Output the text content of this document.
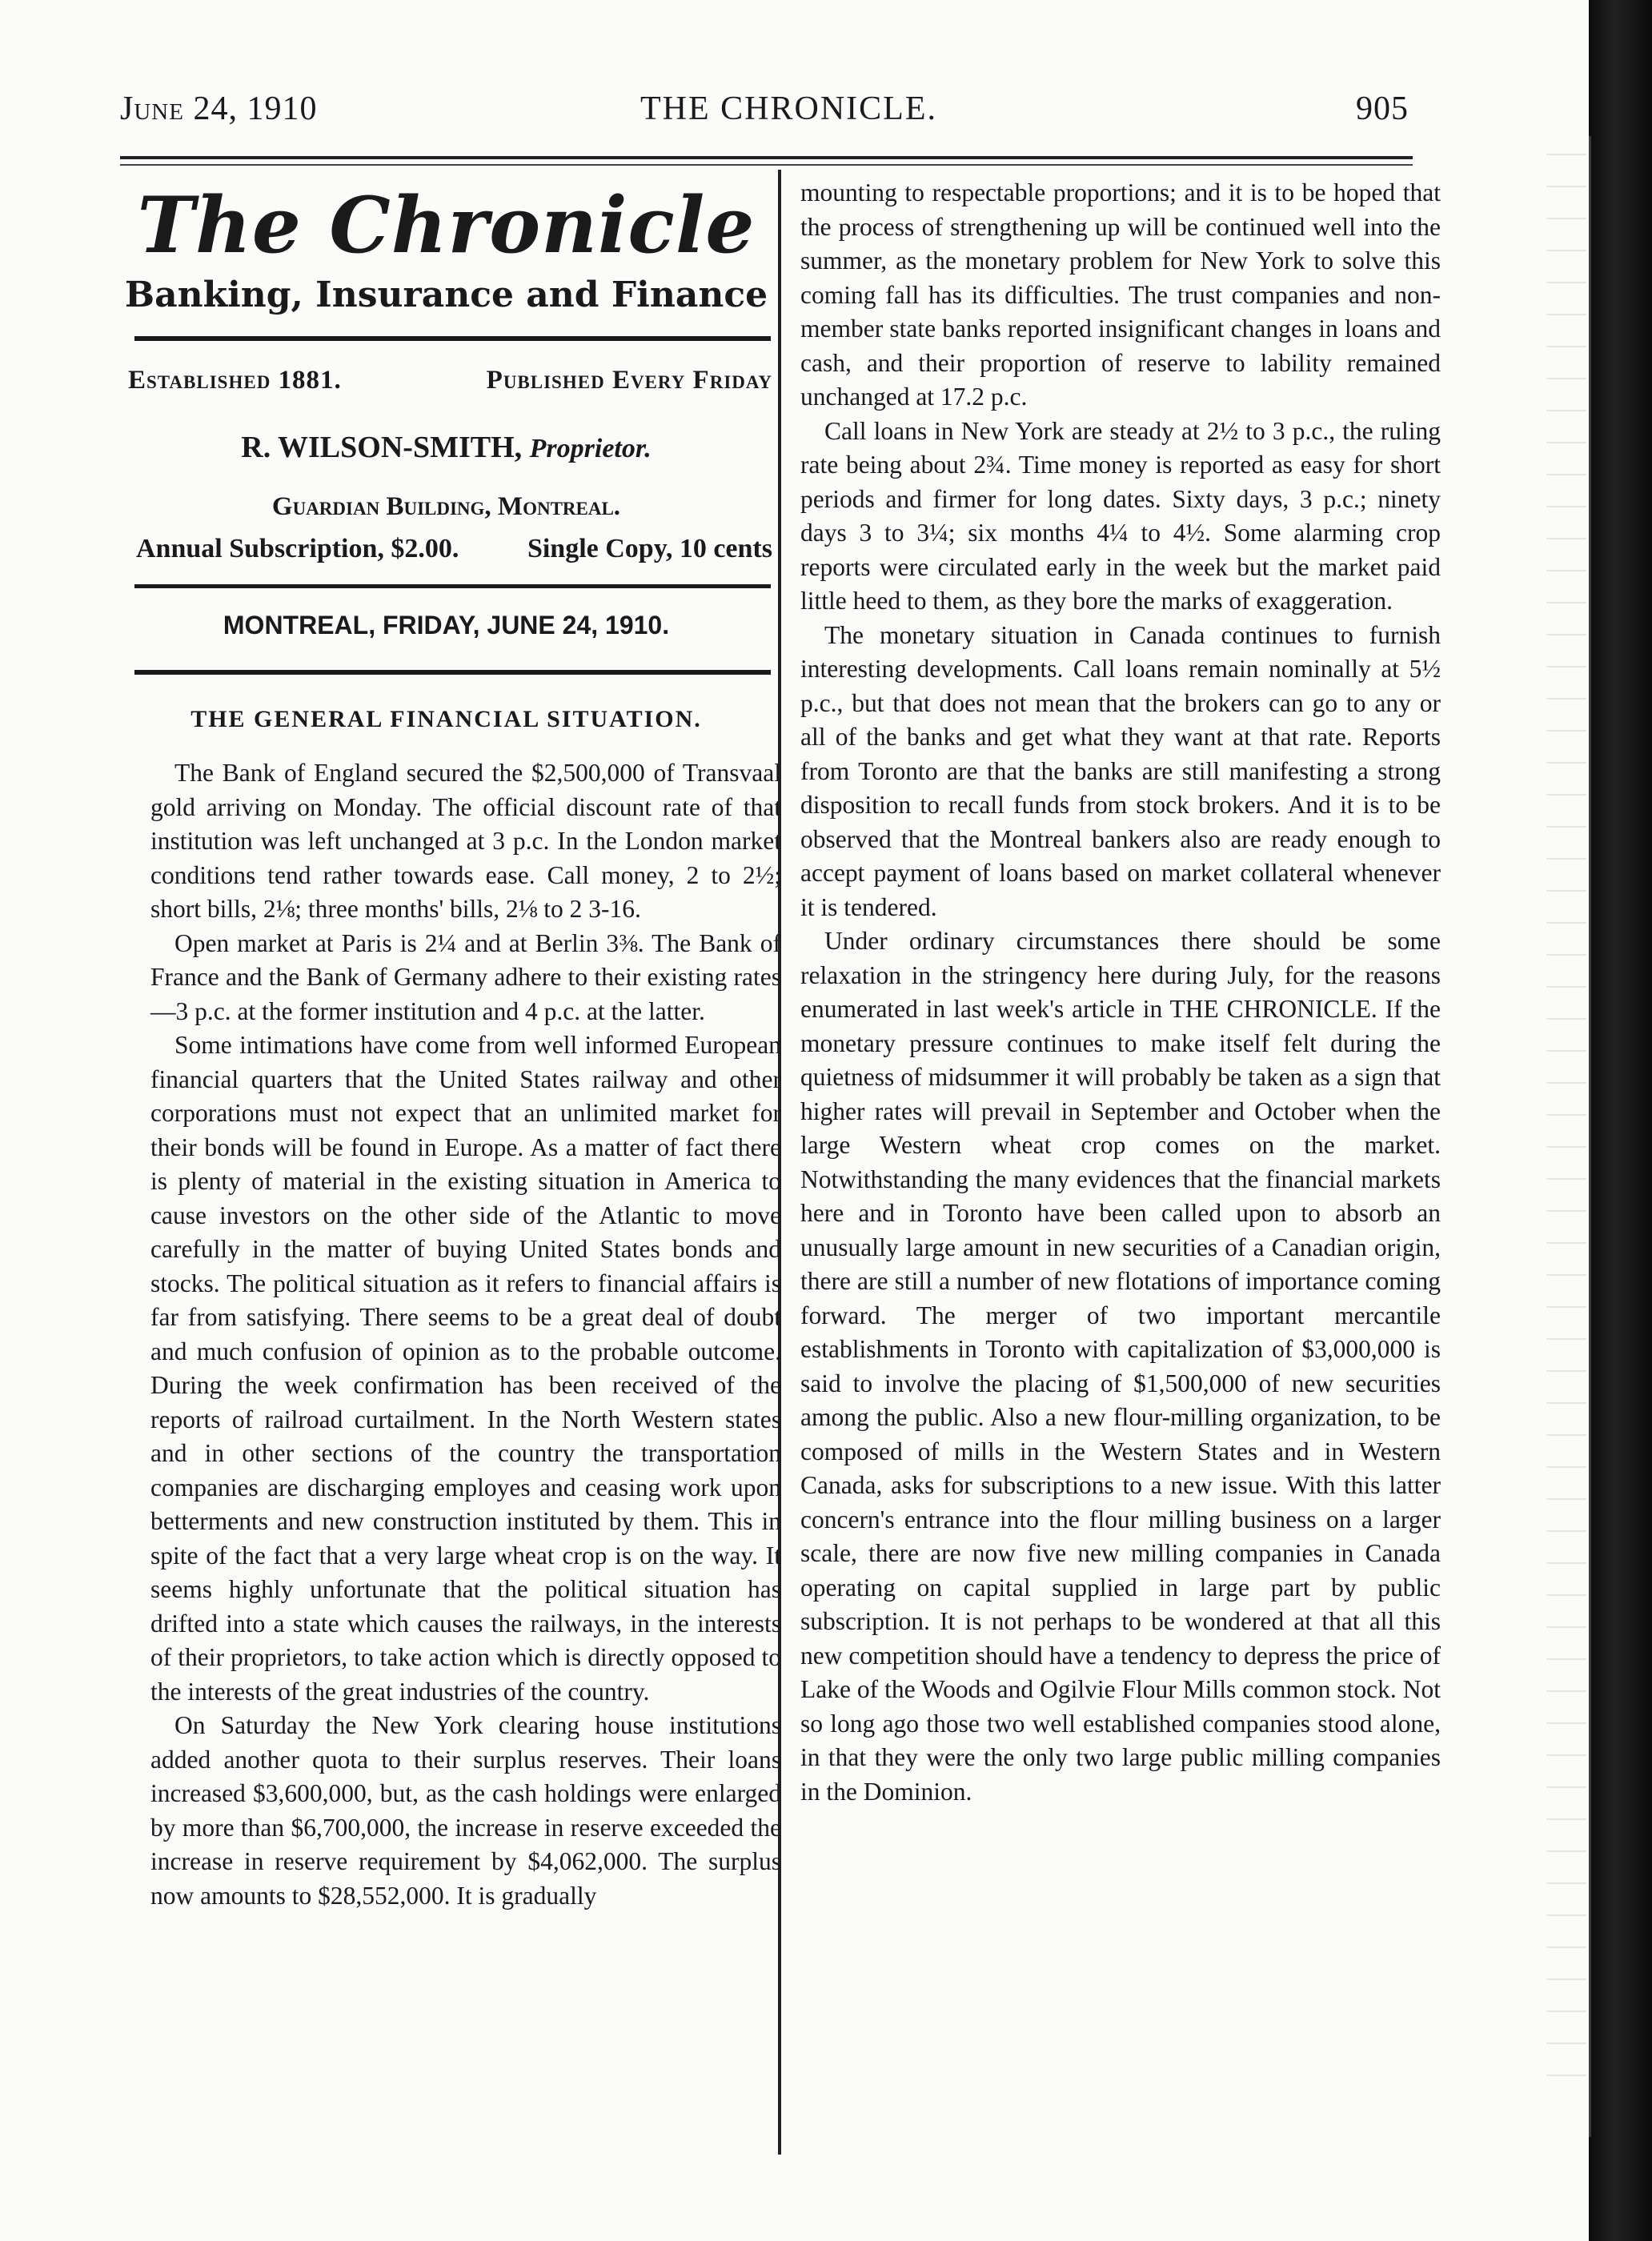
June 24, 1910	THE CHRONICLE.	905
The Chronicle
Banking, Insurance and Finance
Established 1881.	Published Every Friday
R. WILSON-SMITH, Proprietor.
Guardian Building, Montreal.
Annual Subscription, $2.00.	Single Copy, 10 cents
MONTREAL, FRIDAY, JUNE 24, 1910.
THE GENERAL FINANCIAL SITUATION.

The Bank of England secured the $2,500,000 of Transvaal gold arriving on Monday. The official discount rate of that institution was left unchanged at 3 p.c. In the London market conditions tend rather towards ease. Call money, 2 to 2½; short bills, 2⅛; three months' bills, 2⅛ to 2 3-16.

Open market at Paris is 2¼ and at Berlin 3⅜. The Bank of France and the Bank of Germany adhere to their existing rates—3 p.c. at the former institution and 4 p.c. at the latter.

Some intimations have come from well informed European financial quarters that the United States railway and other corporations must not expect that an unlimited market for their bonds will be found in Europe. As a matter of fact there is plenty of material in the existing situation in America to cause investors on the other side of the Atlantic to move carefully in the matter of buying United States bonds and stocks. The political situation as it refers to financial affairs is far from satisfying. There seems to be a great deal of doubt and much confusion of opinion as to the probable outcome. During the week confirmation has been received of the reports of railroad curtailment. In the North Western states and in other sections of the country the transportation companies are discharging employes and ceasing work upon betterments and new construction instituted by them. This in spite of the fact that a very large wheat crop is on the way. It seems highly unfortunate that the political situation has drifted into a state which causes the railways, in the interests of their proprietors, to take action which is directly opposed to the interests of the great industries of the country.

On Saturday the New York clearing house institutions added another quota to their surplus reserves. Their loans increased $3,600,000, but, as the cash holdings were enlarged by more than $6,700,000, the increase in reserve exceeded the increase in reserve requirement by $4,062,000. The surplus now amounts to $28,552,000. It is gradually

mounting to respectable proportions; and it is to be hoped that the process of strengthening up will be continued well into the summer, as the monetary problem for New York to solve this coming fall has its difficulties. The trust companies and non-member state banks reported insignificant changes in loans and cash, and their proportion of reserve to lability remained unchanged at 17.2 p.c.

Call loans in New York are steady at 2½ to 3 p.c., the ruling rate being about 2¾. Time money is reported as easy for short periods and firmer for long dates. Sixty days, 3 p.c.; ninety days 3 to 3¼; six months 4¼ to 4½. Some alarming crop reports were circulated early in the week but the market paid little heed to them, as they bore the marks of exaggeration.

The monetary situation in Canada continues to furnish interesting developments. Call loans remain nominally at 5½ p.c., but that does not mean that the brokers can go to any or all of the banks and get what they want at that rate. Reports from Toronto are that the banks are still manifesting a strong disposition to recall funds from stock brokers. And it is to be observed that the Montreal bankers also are ready enough to accept payment of loans based on market collateral whenever it is tendered.

Under ordinary circumstances there should be some relaxation in the stringency here during July, for the reasons enumerated in last week's article in THE CHRONICLE. If the monetary pressure continues to make itself felt during the quietness of midsummer it will probably be taken as a sign that higher rates will prevail in September and October when the large Western wheat crop comes on the market. Notwithstanding the many evidences that the financial markets here and in Toronto have been called upon to absorb an unusually large amount in new securities of a Canadian origin, there are still a number of new flotations of importance coming forward. The merger of two important mercantile establishments in Toronto with capitalization of $3,000,000 is said to involve the placing of $1,500,000 of new securities among the public. Also a new flour-milling organization, to be composed of mills in the Western States and in Western Canada, asks for subscriptions to a new issue. With this latter concern's entrance into the flour milling business on a larger scale, there are now five new milling companies in Canada operating on capital supplied in large part by public subscription. It is not perhaps to be wondered at that all this new competition should have a tendency to depress the price of Lake of the Woods and Ogilvie Flour Mills common stock. Not so long ago those two well established companies stood alone, in that they were the only two large public milling companies in the Dominion.
